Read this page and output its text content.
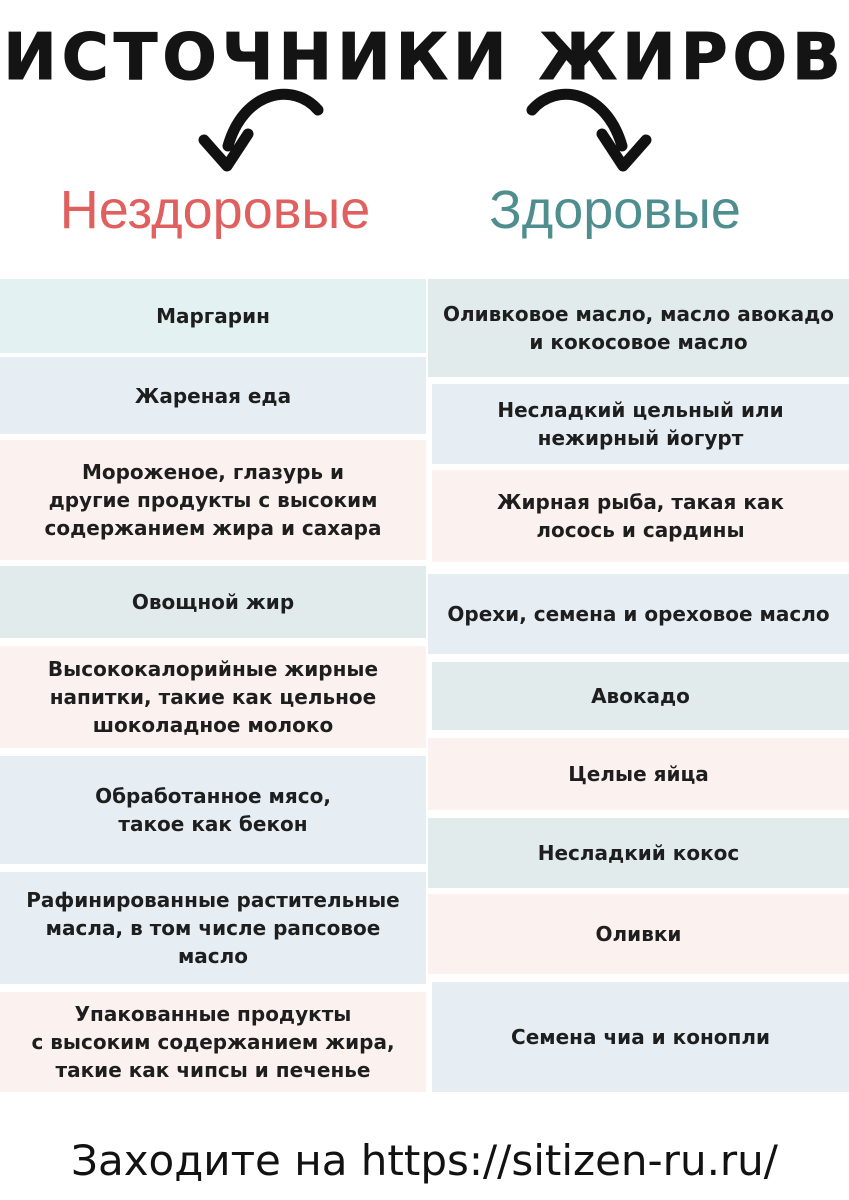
ИСТОЧНИКИ ЖИРОВ
Нездоровые	Здоровые
Маргарин
Жареная еда
Мороженое, глазурь и
другие продукты с высоким
содержанием жира и сахара
Овощной жир
Высококалорийные жирные
напитки, такие как цельное
шоколадное молоко
Обработанное мясо,
такое как бекон
Рафинированные растительные
масла, в том числе рапсовое масло
Упакованные продукты
с высоким содержанием жира,
такие как чипсы и печенье
Оливковое масло, масло авокадо
и кокосовое масло
Несладкий цельный или
нежирный йогурт
Жирная рыба, такая как
лосось и сардины
Орехи, семена и ореховое масло
Авокадо
Целые яйца
Несладкий кокос
Оливки
Семена чиа и конопли
Заходите на https://sitizen-ru.ru/
